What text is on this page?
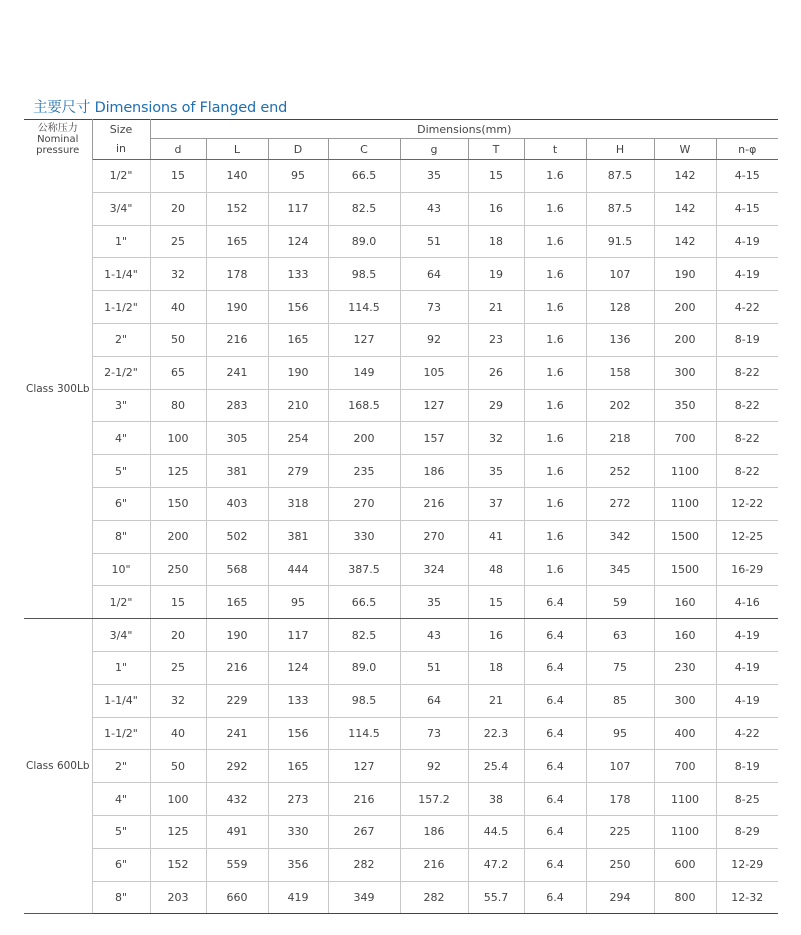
主要尺寸 Dimensions of Flanged end
公称压力 Nominal pressure	Size	Dimensions(mm)									
	in	d	L	D	C	g	T	t	H	W	n-φ
Class 300Lb	1/2"	15	140	95	66.5	35	15	1.6	87.5	142	4-15
	3/4"	20	152	117	82.5	43	16	1.6	87.5	142	4-15
	1"	25	165	124	89.0	51	18	1.6	91.5	142	4-19
	1-1/4"	32	178	133	98.5	64	19	1.6	107	190	4-19
	1-1/2"	40	190	156	114.5	73	21	1.6	128	200	4-22
	2"	50	216	165	127	92	23	1.6	136	200	8-19
	2-1/2"	65	241	190	149	105	26	1.6	158	300	8-22
	3"	80	283	210	168.5	127	29	1.6	202	350	8-22
	4"	100	305	254	200	157	32	1.6	218	700	8-22
	5"	125	381	279	235	186	35	1.6	252	1100	8-22
	6"	150	403	318	270	216	37	1.6	272	1100	12-22
	8"	200	502	381	330	270	41	1.6	342	1500	12-25
	10"	250	568	444	387.5	324	48	1.6	345	1500	16-29
	1/2"	15	165	95	66.5	35	15	6.4	59	160	4-16
Class 600Lb	3/4"	20	190	117	82.5	43	16	6.4	63	160	4-19
	1"	25	216	124	89.0	51	18	6.4	75	230	4-19
	1-1/4"	32	229	133	98.5	64	21	6.4	85	300	4-19
	1-1/2"	40	241	156	114.5	73	22.3	6.4	95	400	4-22
	2"	50	292	165	127	92	25.4	6.4	107	700	8-19
	4"	100	432	273	216	157.2	38	6.4	178	1100	8-25
	5"	125	491	330	267	186	44.5	6.4	225	1100	8-29
	6"	152	559	356	282	216	47.2	6.4	250	600	12-29
	8"	203	660	419	349	282	55.7	6.4	294	800	12-32
